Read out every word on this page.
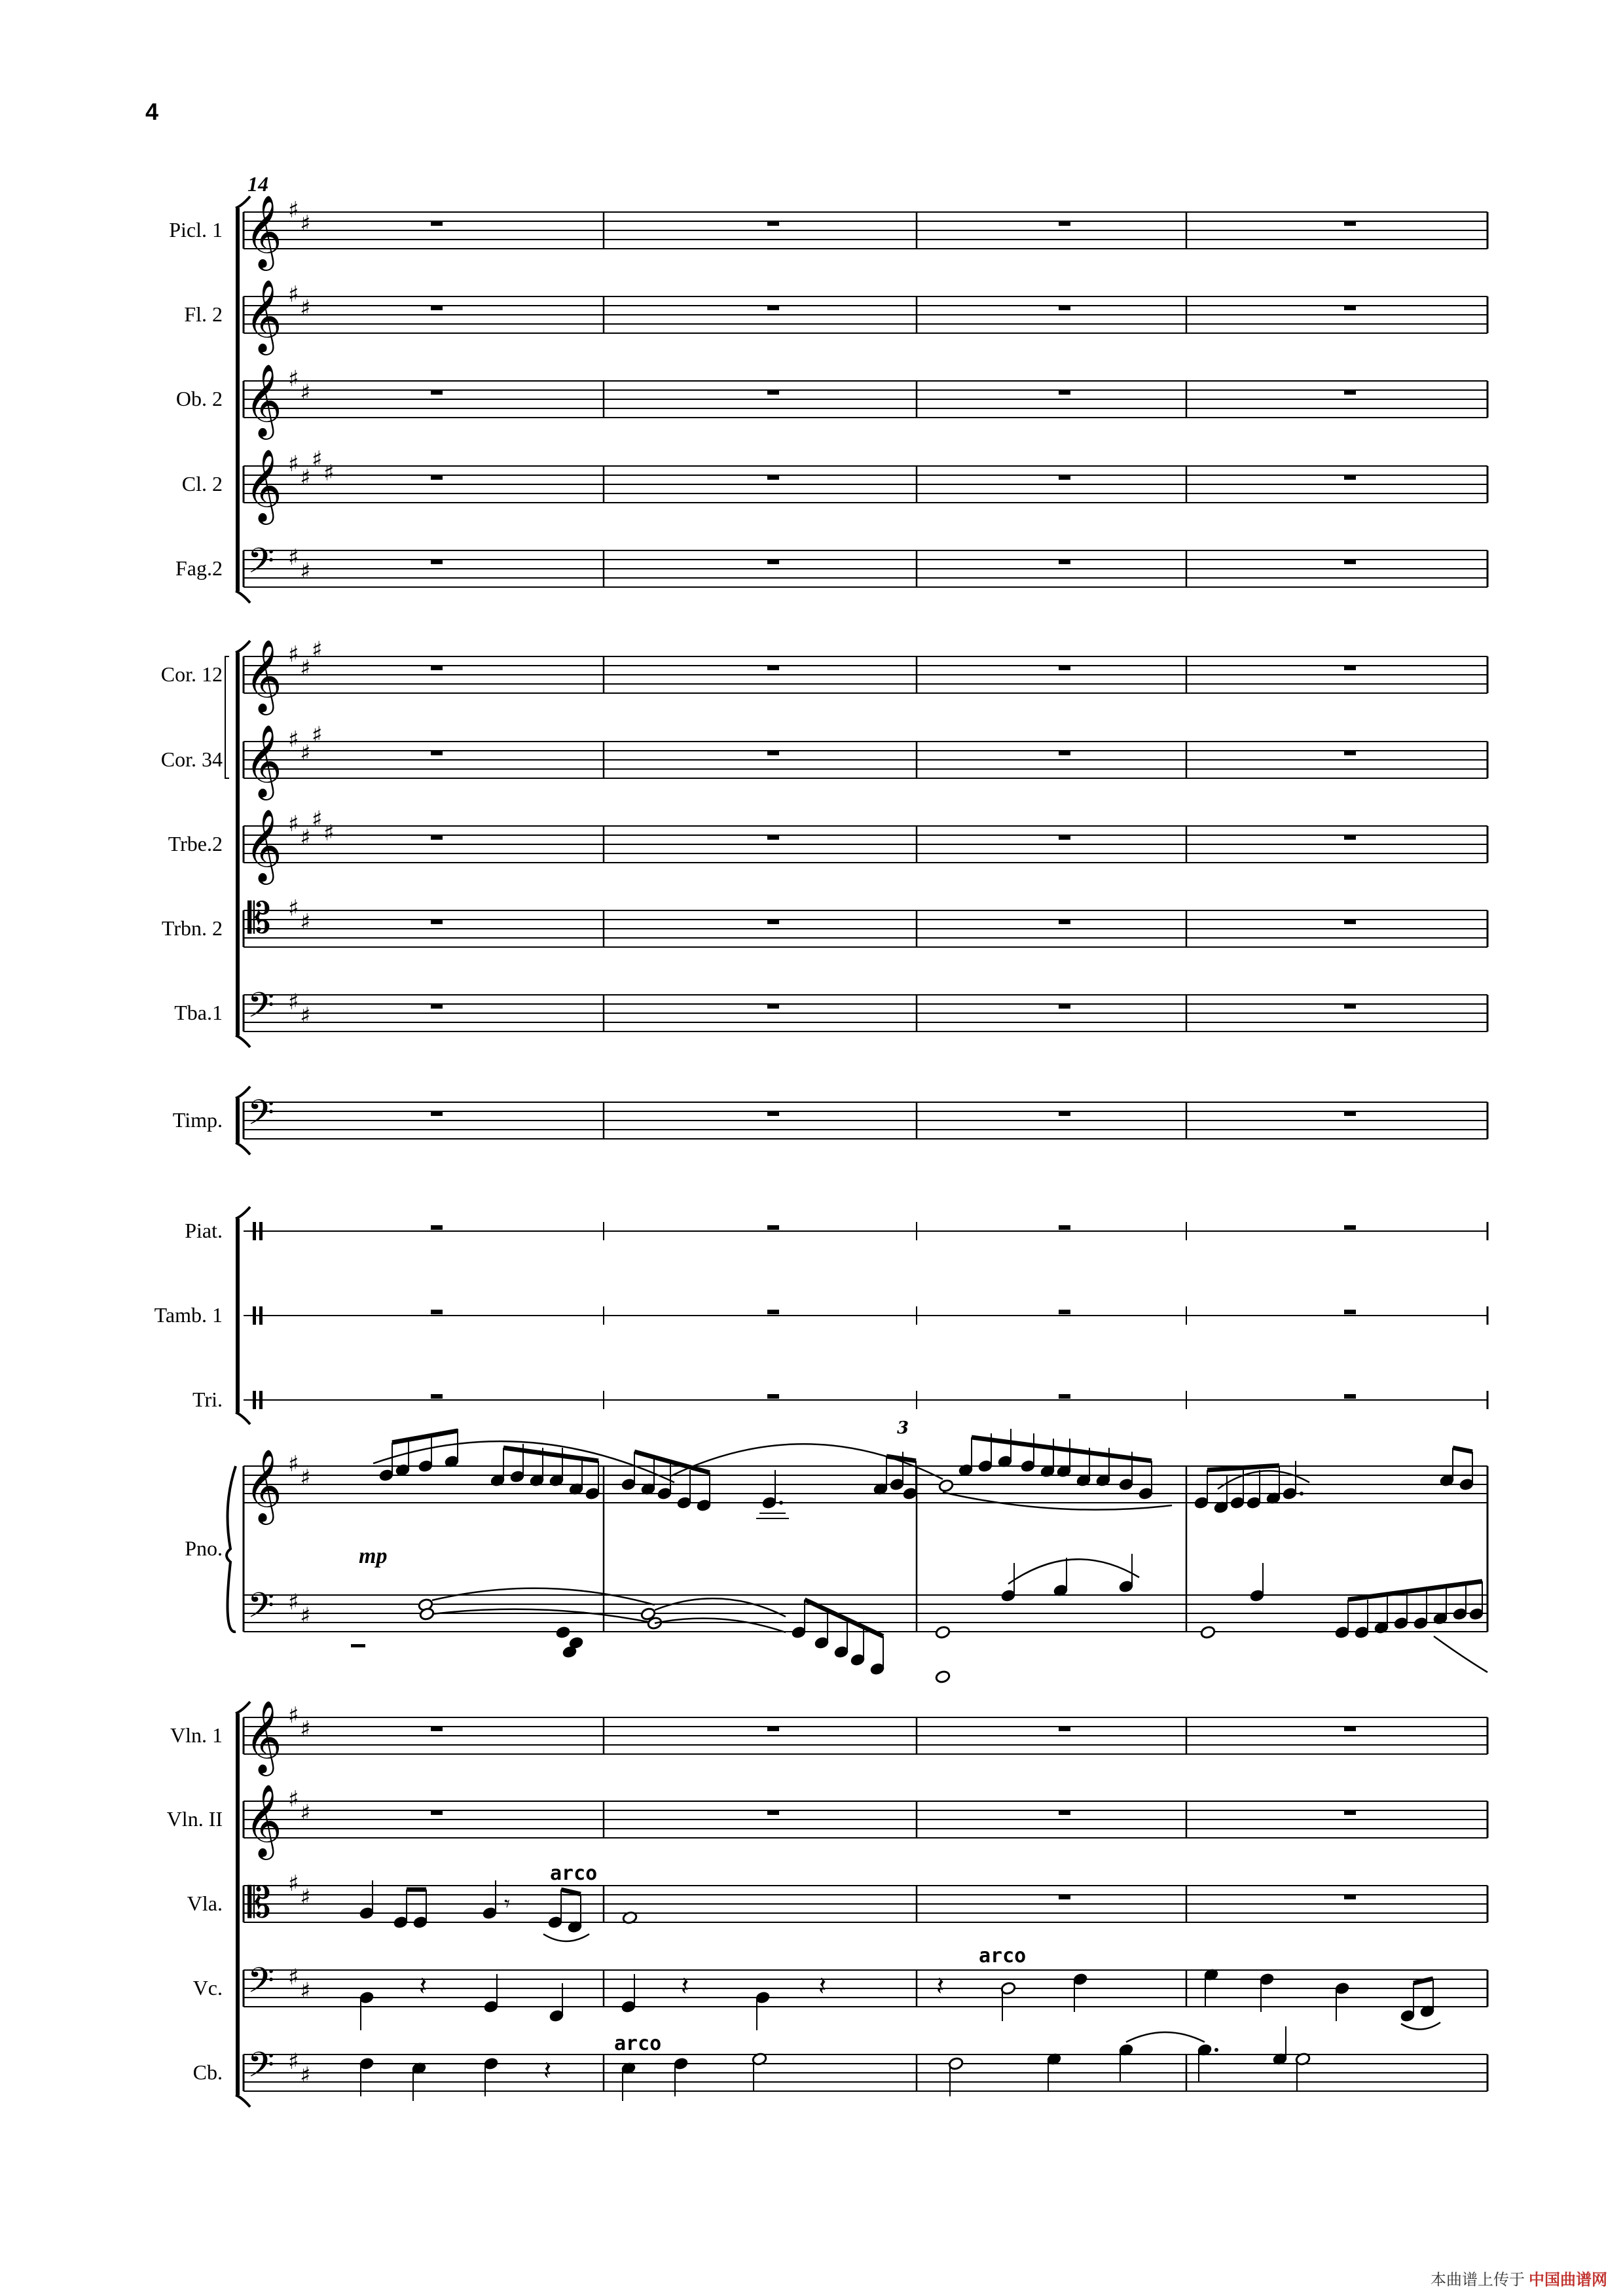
4
𝄞 ♯
♯
Picl. 1
𝄞 ♯
♯
Fl. 2
𝄞 ♯
♯
Ob. 2
𝄞 ♯
♯
♯
♯
Cl. 2
𝄢 ♯
♯
Fag.2
𝄞 ♯
♯
♯
Cor. 12
𝄞 ♯
♯
♯
Cor. 34
𝄞 ♯
♯
♯
♯
Trbe.2
𝄡 ♯
♯
Trbn. 2
𝄢 ♯
♯
Tba.1
𝄢
Timp.
Piat.
Tamb. 1
Tri.
𝄞
𝄢
♯
♯
♯
♯
Pno.
𝄞 ♯
♯
Vln. 1
𝄞 ♯
♯
Vln. II
𝄡 ♯
♯
Vla.
𝄢 ♯
♯
Vc.
𝄢 ♯
♯
Cb.
14
mp
3
𝄾
arco
𝄽	𝄽	𝄽	𝄽
arco
𝄽
arco
本曲谱上传于 中国曲谱网
